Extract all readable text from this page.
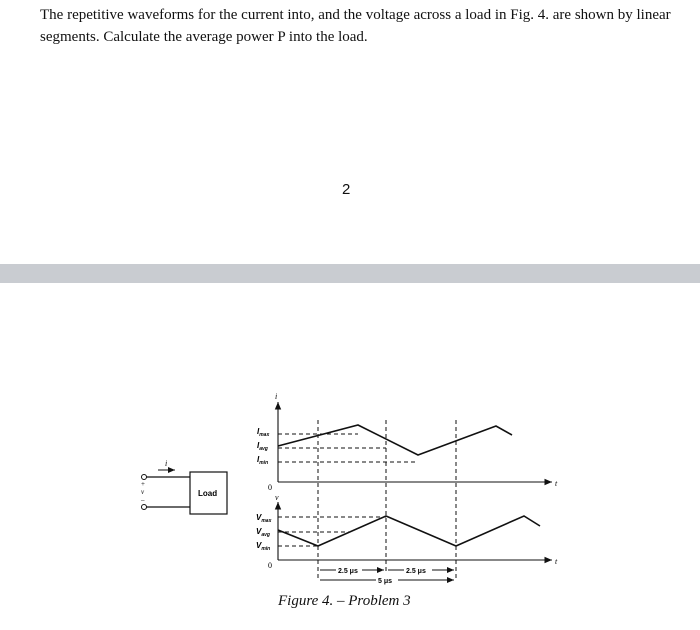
The repetitive waveforms for the current into, and the voltage across a load in Fig. 4. are shown by linear segments. Calculate the average power P into the load.

2
i
+
v
–
Load
i
t
$I_{max}$
$I_{avg}$
$I_{min}$
0
v
t
$V_{max}$
$V_{avg}$
$V_{min}$
0
2.5 μs	2.5 μs
5 μs
Figure 4. – Problem 3
